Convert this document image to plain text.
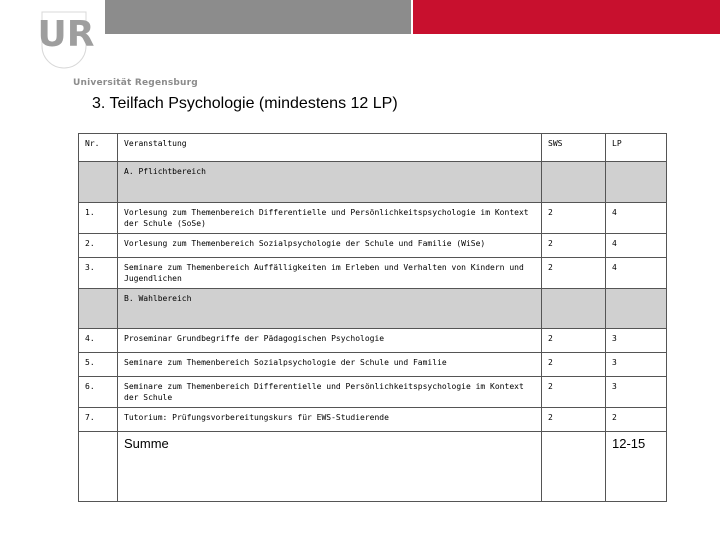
UR
Universität Regensburg
3. Teilfach Psychologie (mindestens 12 LP)
Nr.	Veranstaltung	SWS	LP
	A. Pflichtbereich		
1.	Vorlesung zum Themenbereich Differentielle und Persönlichkeitspsychologie im Kontext der Schule (SoSe)	2	4
2.	Vorlesung zum Themenbereich Sozialpsychologie der Schule und Familie (WiSe)	2	4
3.	Seminare zum Themenbereich Auffälligkeiten im Erleben und Verhalten von Kindern und Jugendlichen	2	4
	B. Wahlbereich		
4.	Proseminar Grundbegriffe der Pädagogischen Psychologie	2	3
5.	Seminare zum Themenbereich Sozialpsychologie der Schule und Familie	2	3
6.	Seminare zum Themenbereich Differentielle und Persönlichkeitspsychologie im Kontext der Schule	2	3
7.	Tutorium: Prüfungsvorbereitungskurs für EWS-Studierende	2	2
	Summe		12-15
